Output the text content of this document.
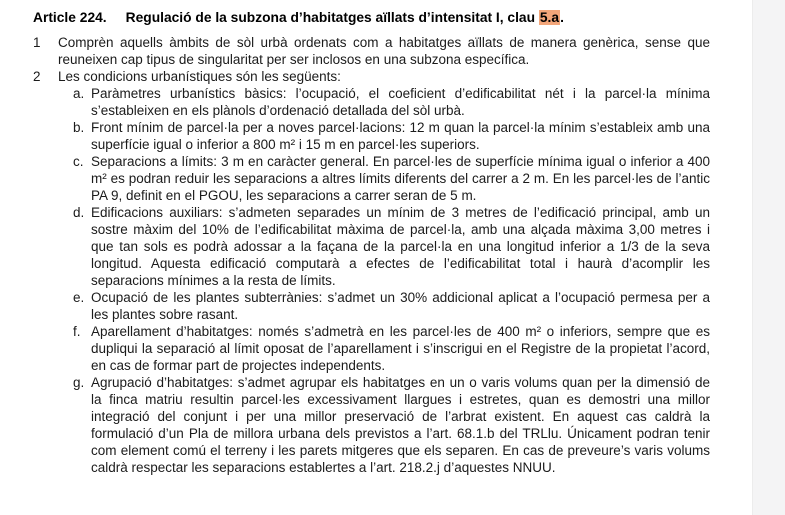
Article 224. Regulació de la subzona d’habitatges aïllats d’intensitat I, clau 5.a.
1 Comprèn aquells àmbits de sòl urbà ordenats com a habitatges aïllats de manera genèrica, sense que reuneixen cap tipus de singularitat per ser inclosos en una subzona específica.
2 Les condicions urbanístiques són les següents:
a. Paràmetres urbanístics bàsics: l’ocupació, el coeficient d’edificabilitat nét i la parcel·la mínima s’estableixen en els plànols d’ordenació detallada del sòl urbà.
b. Front mínim de parcel·la per a noves parcel·lacions: 12 m quan la parcel·la mínim s’estableix amb una superfície igual o inferior a 800 m² i 15 m en parcel·les superiors.
c. Separacions a límits: 3 m en caràcter general. En parcel·les de superfície mínima igual o inferior a 400 m² es podran reduir les separacions a altres límits diferents del carrer a 2 m. En les parcel·les de l’antic PA 9, definit en el PGOU, les separacions a carrer seran de 5 m.
d. Edificacions auxiliars: s’admeten separades un mínim de 3 metres de l’edificació principal, amb un sostre màxim del 10% de l’edificabilitat màxima de parcel·la, amb una alçada màxima 3,00 metres i que tan sols es podrà adossar a la façana de la parcel·la en una longitud inferior a 1/3 de la seva longitud. Aquesta edificació computarà a efectes de l’edificabilitat total i haurà d’acomplir les separacions mínimes a la resta de límits.
e. Ocupació de les plantes subterrànies: s’admet un 30% addicional aplicat a l’ocupació permesa per a les plantes sobre rasant.
f. Aparellament d’habitatges: només s’admetrà en les parcel·les de 400 m² o inferiors, sempre que es dupliqui la separació al límit oposat de l’aparellament i s’inscrigui en el Registre de la propietat l’acord, en cas de formar part de projectes independents.
g. Agrupació d’habitatges: s’admet agrupar els habitatges en un o varis volums quan per la dimensió de la finca matriu resultin parcel·les excessivament llargues i estretes, quan es demostri una millor integració del conjunt i per una millor preservació de l’arbrat existent. En aquest cas caldrà la formulació d’un Pla de millora urbana dels previstos a l’art. 68.1.b del TRLlu. Únicament podran tenir com element comú el terreny i les parets mitgeres que els separen. En cas de preveure’s varis volums caldrà respectar les separacions establertes a l’art. 218.2.j d’aquestes NNUU.
